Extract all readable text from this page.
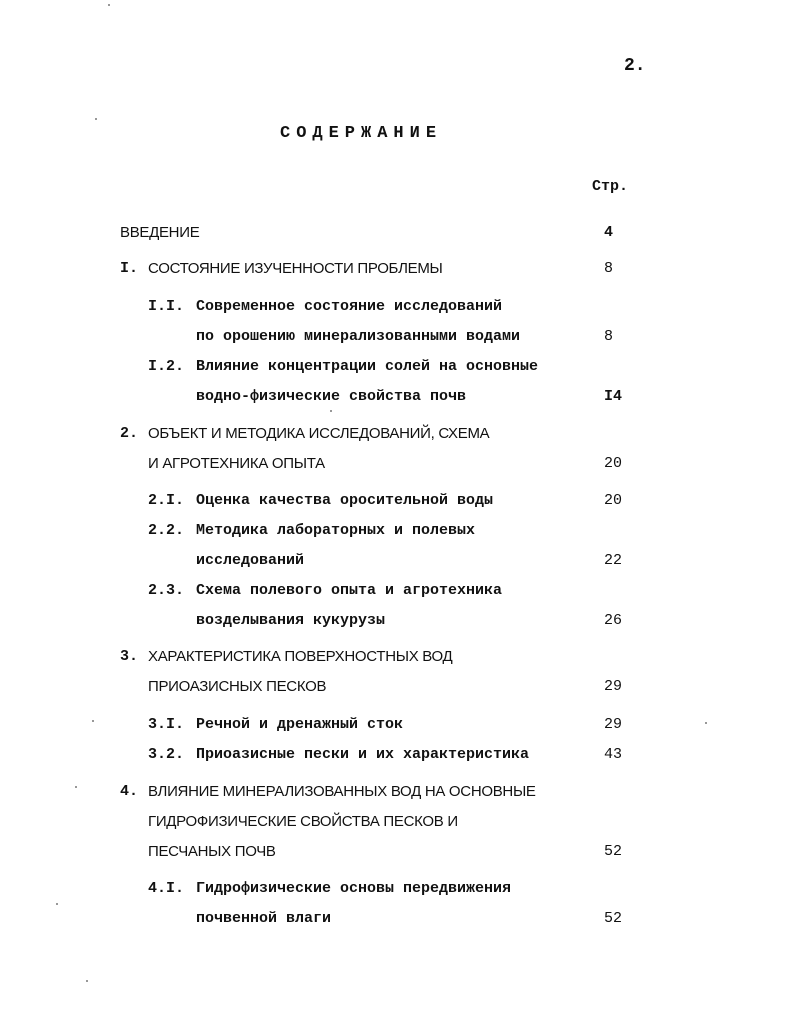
2.
СОДЕРЖАНИЕ
Стр.
ВВЕДЕНИЕ	4
I. СОСТОЯНИЕ ИЗУЧЕННОСТИ ПРОБЛЕМЫ	8
I.I. Современное состояние исследований
по орошению минерализованными водами	8
I.2. Влияние концентрации солей на основные
водно-физические свойства почв	I4
2. ОБЪЕКТ И МЕТОДИКА ИССЛЕДОВАНИЙ, СХЕМА
И АГРОТЕХНИКА ОПЫТА	20
2.I. Оценка качества оросительной воды	20
2.2. Методика лабораторных и полевых
исследований	22
2.3. Схема полевого опыта и агротехника
возделывания кукурузы	26
3. ХАРАКТЕРИСТИКА ПОВЕРХНОСТНЫХ ВОД
ПРИОАЗИСНЫХ ПЕСКОВ	29
3.I. Речной и дренажный сток	29
3.2. Приоазисные пески и их характеристика	43
4. ВЛИЯНИЕ МИНЕРАЛИЗОВАННЫХ ВОД НА ОСНОВНЫЕ
ГИДРОФИЗИЧЕСКИЕ СВОЙСТВА ПЕСКОВ И
ПЕСЧАНЫХ ПОЧВ	52
4.I. Гидрофизические основы передвижения
почвенной влаги	52
